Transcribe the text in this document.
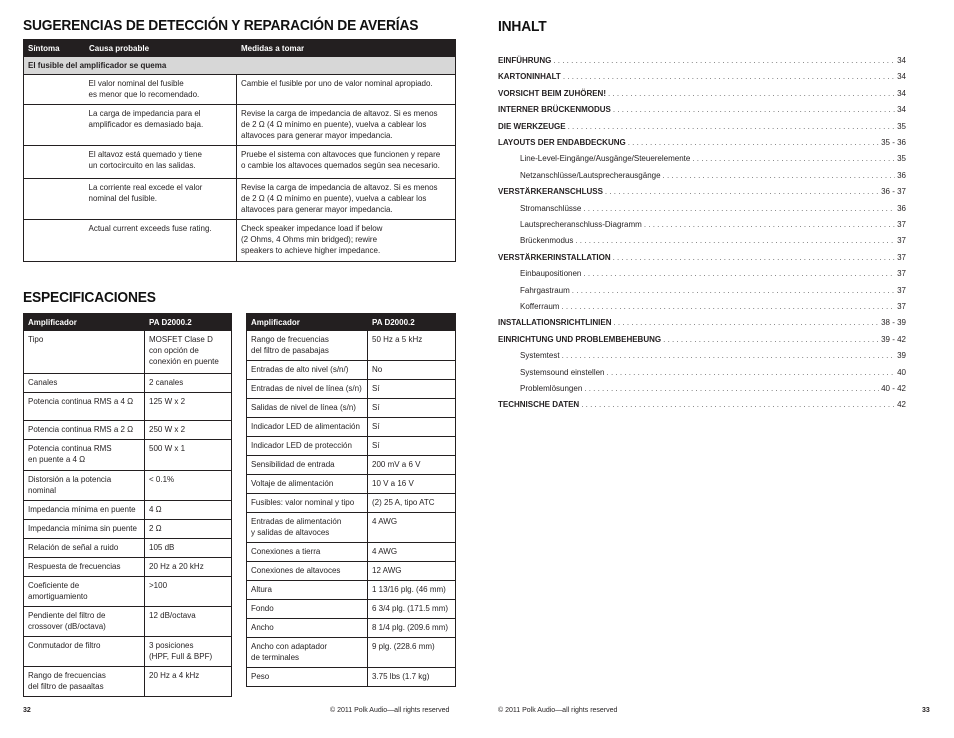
SUGERENCIAS DE DETECCIÓN Y REPARACIÓN DE AVERÍAS
Síntoma	Causa probable	Medidas a tomar
El fusible del amplificador se quema		

	El valor nominal del fusible
es menor que lo recomendado.	Cambie el fusible por uno de valor nominal apropiado.

	La carga de impedancia para el
amplificador es demasiado baja.	Revise la carga de impedancia de altavoz. Si es menos
de 2 Ω (4 Ω mínimo en puente), vuelva a cablear los
altavoces para generar mayor impedancia.

	El altavoz está quemado y tiene
un cortocircuito en las salidas.	Pruebe el sistema con altavoces que funcionen y repare
o cambie los altavoces quemados según sea necesario.

	La corriente real excede el valor
nominal del fusible.	Revise la carga de impedancia de altavoz. Si es menos
de 2 Ω (4 Ω mínimo en puente), vuelva a cablear los
altavoces para generar mayor impedancia.

	Actual current exceeds fuse rating.	Check speaker impedance load if below
(2 Ohms, 4 Ohms min bridged); rewire
speakers to achieve higher impedance.
ESPECIFICACIONES
Amplificador	PA D2000.2
Tipo	MOSFET Clase D
con opción de
conexión en puente
Canales	2 canales
Potencia continua RMS a 4 Ω	125 W x 2
Potencia continua RMS a 2 Ω	250 W x 2
Potencia continua RMS
en puente a 4 Ω	500 W x 1
Distorsión a la potencia
nominal	< 0.1%
Impedancia mínima en puente	4 Ω
Impedancia mínima sin puente	2 Ω
Relación de señal a ruido	105 dB
Respuesta de frecuencias	20 Hz a 20 kHz
Coeficiente de
amortiguamiento	>100
Pendiente del filtro de
crossover (dB/octava)	12 dB/octava
Conmutador de filtro	3 posiciones
(HPF, Full & BPF)
Rango de frecuencias
del filtro de pasaaltas	20 Hz a 4 kHz
Amplificador	PA D2000.2
Rango de frecuencias
del filtro de pasabajas	50 Hz a 5 kHz
Entradas de alto nivel (s/n/)	No
Entradas de nivel de línea (s/n)	Sí
Salidas de nivel de línea (s/n)	Sí
Indicador LED de alimentación	Sí
Indicador LED de protección	Sí
Sensibilidad de entrada	200 mV a 6 V
Voltaje de alimentación	10 V a 16 V
Fusibles: valor nominal y tipo	(2) 25 A, tipo ATC
Entradas de alimentación
y salidas de altavoces	4 AWG
Conexiones a tierra	4 AWG
Conexiones de altavoces	12 AWG
Altura	1 13/16 plg. (46 mm)
Fondo	6 3/4 plg. (171.5 mm)
Ancho	8 1/4 plg. (209.6 mm)
Ancho con adaptador
de terminales	9 plg. (228.6 mm)
Peso	3.75 lbs (1.7 kg)
32	© 2011 Polk Audio—all rights reserved
INHALT
EINFÜHRUNG . . .	34
KARTONINHALT . . .	34
VORSICHT BEIM ZUHÖREN! . . .	34
INTERNER BRÜCKENMODUS . . .	34
DIE WERKZEUGE . . .	35
LAYOUTS DER ENDABDECKUNG . . .	35 - 36
Line-Level-Eingänge/Ausgänge/Steuerelemente . . .	35
Netzanschlüsse/Lautsprecherausgänge . . .	36
VERSTÄRKERANSCHLUSS . . .	36 - 37
Stromanschlüsse . . .	36
Lautsprecheranschluss-Diagramm . . .	37
Brückenmodus . . .	37
VERSTÄRKERINSTALLATION . . .	37
Einbaupositionen . . .	37
Fahrgastraum . . .	37
Kofferraum . . .	37
INSTALLATIONSRICHTLINIEN . . .	38 - 39
EINRICHTUNG UND PROBLEMBEHEBUNG . . .	39 - 42
Systemtest . . .	39
Systemsound einstellen . . .	40
Problemlösungen . . .	40 - 42
TECHNISCHE DATEN . . .	42
© 2011 Polk Audio—all rights reserved	33
